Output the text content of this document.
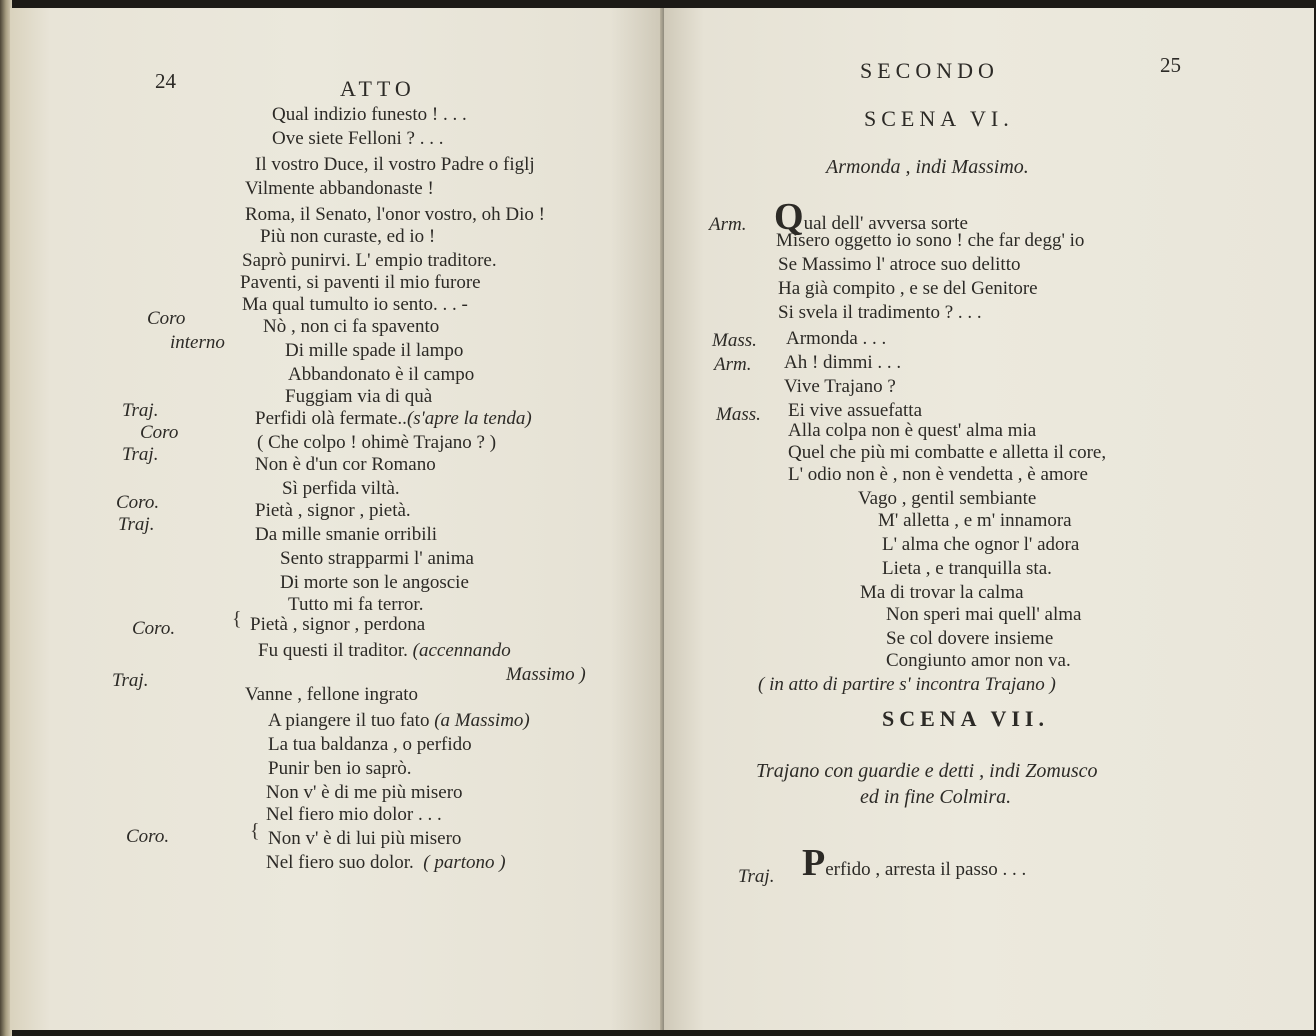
24	ATTO
Qual indizio funesto ! . . .
Ove siete Felloni ? . . .
Il vostro Duce, il vostro Padre o figlj
Vilmente abbandonaste !
Roma, il Senato, l'onor vostro, oh Dio !
Più non curaste, ed io !
Saprò punirvi. L' empio traditore.
Paventi, si paventi il mio furore
Ma qual tumulto io sento. . . -
Coro	Nò , non ci fa spavento
interno	Di mille spade il lampo
Abbandonato è il campo
Fuggiam via di quà
Traj.	Perfidi olà fermate..(s'apre la tenda)
Coro	( Che colpo ! ohimè Trajano ? )
Traj.	Non è d'un cor Romano
Sì perfida viltà.
Coro.	Pietà , signor , pietà.
Traj.	Da mille smanie orribili
Sento strapparmi l' anima
Di morte son le angoscie
Tutto mi fa terror.
Coro.	{ Pietà , signor , perdona
Fu questi il traditor. (accennando
Massimo )
Traj.
Vanne , fellone ingrato
A piangere il tuo fato (a Massimo)
La tua baldanza , o perfido
Punir ben io saprò.
Non v' è di me più misero
Nel fiero mio dolor . . .
Coro.	{ Non v' è di lui più misero
Nel fiero suo dolor. ( partono )
SECONDO	25
SCENA VI.
Armonda , indi Massimo.
Arm. Qual dell' avversa sorte
Misero oggetto io sono ! che far degg' io
Se Massimo l' atroce suo delitto
Ha già compito , e se del Genitore
Si svela il tradimento ? . . .
Mass. Armonda . . .
Arm. Ah ! dimmi . . .
Vive Trajano ?
Mass. Ei vive assuefatta
Alla colpa non è quest' alma mia
Quel che più mi combatte e alletta il core,
L' odio non è , non è vendetta , è amore
Vago , gentil sembiante
M' alletta , e m' innamora
L' alma che ognor l' adora
Lieta , e tranquilla sta.
Ma di trovar la calma
Non speri mai quell' alma
Se col dovere insieme
Congiunto amor non va.
( in atto di partire s' incontra Trajano )
SCENA VII.
Trajano con guardie e detti , indi Zomusco
ed in fine Colmira.
Traj. Perfido , arresta il passo . . .
